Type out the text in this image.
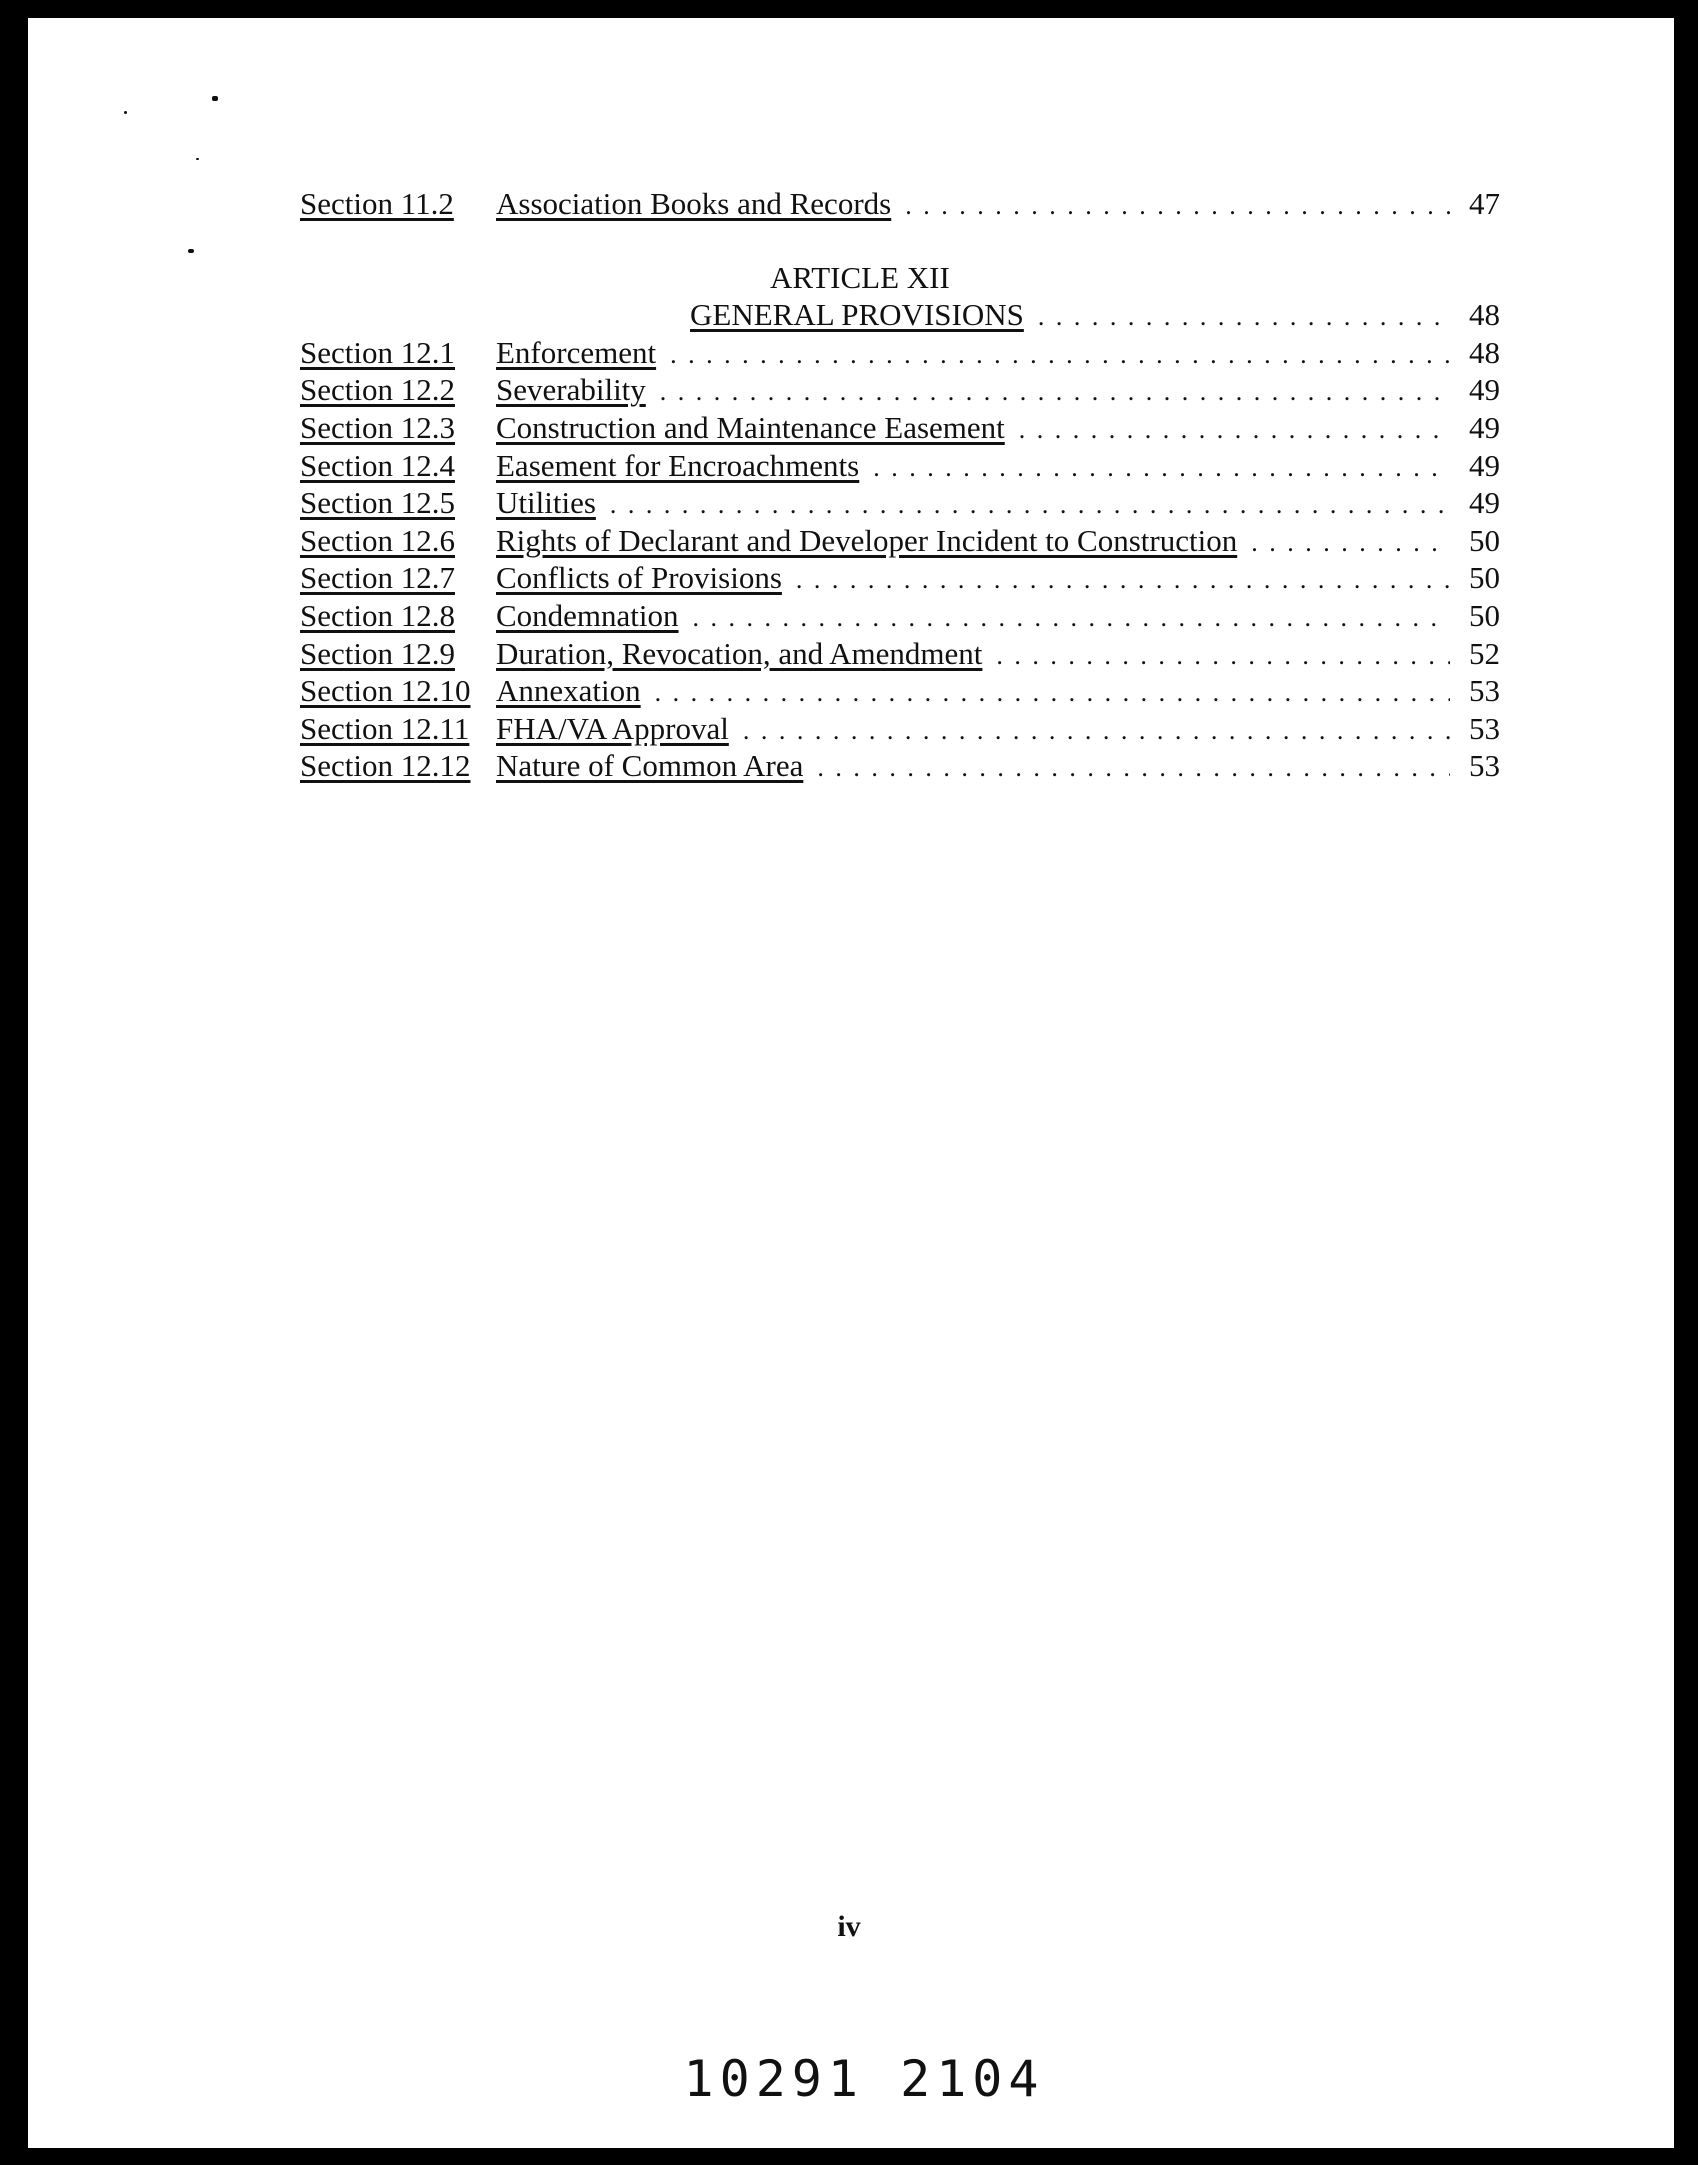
Section 11.2	Association Books and Records . . .	47
ARTICLE XII
GENERAL PROVISIONS . . .	48
Section 12.1	Enforcement . . .	48
Section 12.2	Severability . . .	49
Section 12.3	Construction and Maintenance Easement . . .	49
Section 12.4	Easement for Encroachments . . .	49
Section 12.5	Utilities . . .	49
Section 12.6	Rights of Declarant and Developer Incident to Construction . . .	50
Section 12.7	Conflicts of Provisions . . .	50
Section 12.8	Condemnation . . .	50
Section 12.9	Duration, Revocation, and Amendment . . .	52
Section 12.10 Annexation . . .	53
Section 12.11 FHA/VA Approval . . .	53
Section 12.12 Nature of Common Area . . .	53
iv
10291 2104
